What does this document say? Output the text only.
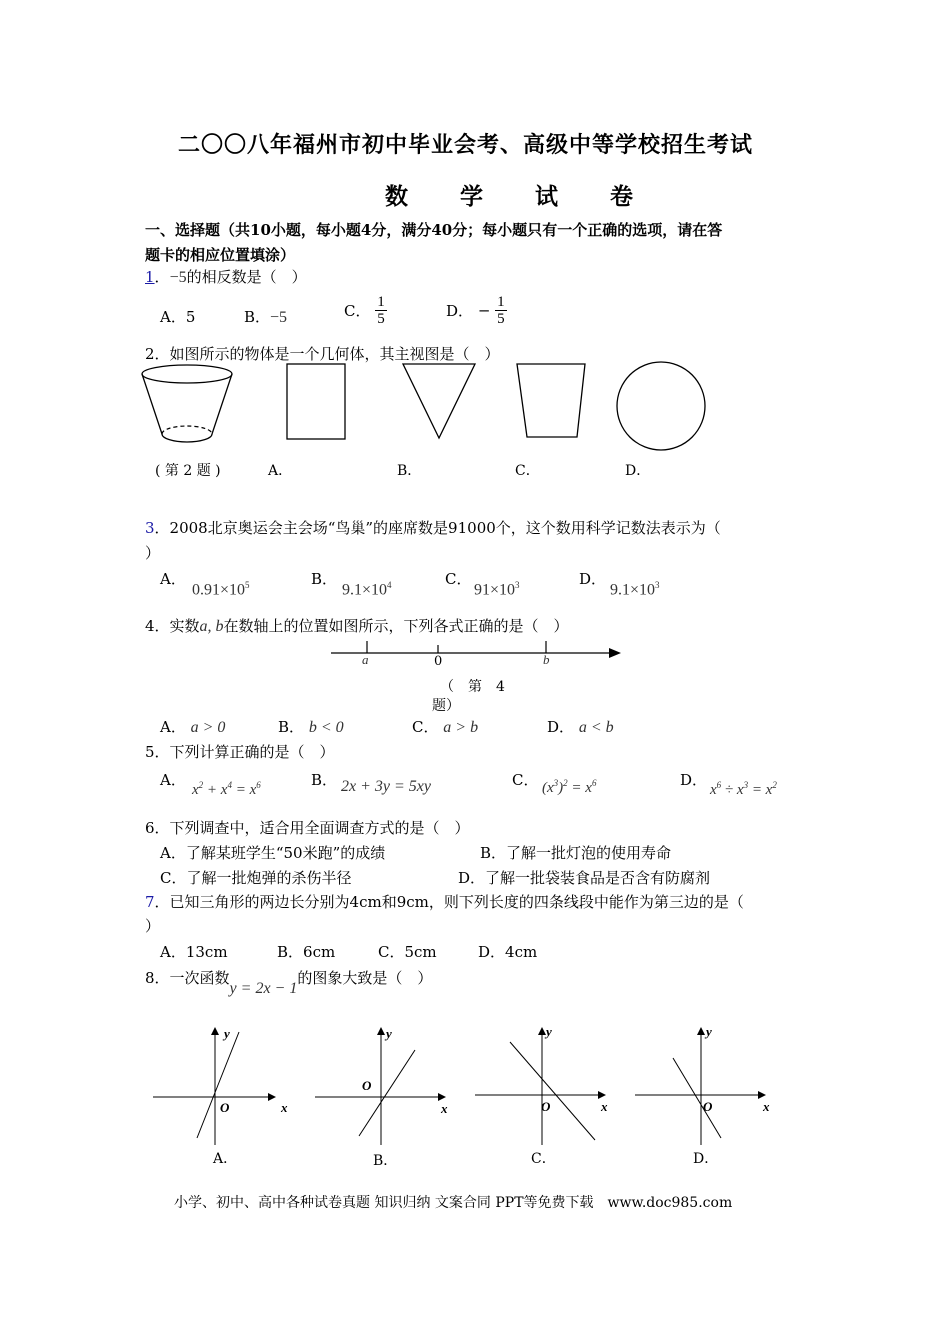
二〇〇八年福州市初中毕业会考、高级中等学校招生考试
数 学 试 卷
一、选择题（共10小题，每小题4分，满分40分；每小题只有一个正确的选项，请在答
题卡的相应位置填涂）
1．−5的相反数是（　）
A．5	B．−5	C． $\frac{1}{5}$	D． − $\frac{1}{5}$
2．如图所示的物体是一个几何体，其主视图是（　）
( 第 2 题 )	A．	B．	C．	D．
3．2008北京奥运会主会场“鸟巢”的座席数是91000个，这个数用科学记数法表示为（
）
A．
$0.91\times 10^5$	B．
$9.1\times 10^4$	C．
$91\times 10^3$	D．
$9.1\times 10^3$
4．实数a, b在数轴上的位置如图所示，下列各式正确的是（　）
a	0	b
（　第　4
题）
A． a > 0	B． b < 0	C． a > b	D． a < b
5．下列计算正确的是（　）
A．
$x^2 + x^4 = x^6$	B． 2x + 3y = 5xy	C． $(x^3)^2 = x^6$	D．
$x^6 \div x^3 = x^2$
6．下列调查中，适合用全面调查方式的是（　）
A．了解某班学生“50米跑”的成绩	B．了解一批灯泡的使用寿命
C．了解一批炮弹的杀伤半径	D．了解一批袋装食品是否含有防腐剂
7．已知三角形的两边长分别为4cm和9cm，则下列长度的四条线段中能作为第三边的是（
）
A．13cm	B．6cm	C．5cm	D．4cm
8．一次函数y = 2x − 1的图象大致是（　）
y
x
O
A．
y
x
O
B．
y
x
O
C．
y
x
O
D．
小学、初中、高中各种试卷真题 知识归纳 文案合同 PPT等免费下载　www.doc985.com
